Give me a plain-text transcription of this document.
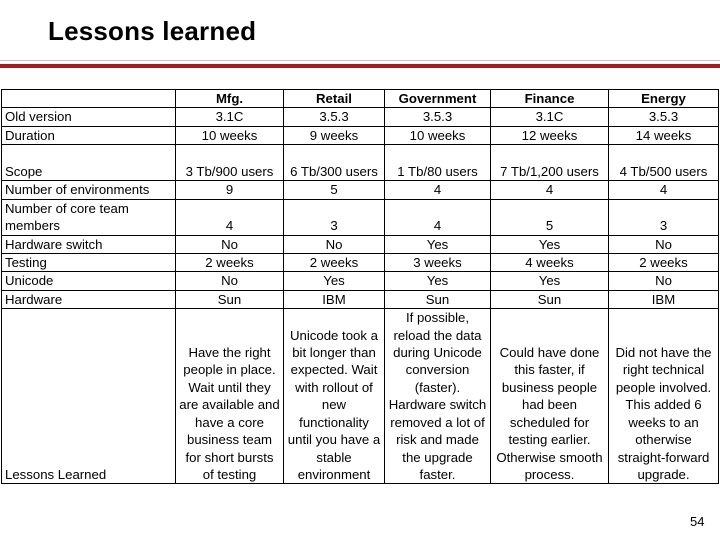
Lessons learned
	Mfg.	Retail	Government	Finance	Energy
Old version	3.1C	3.5.3	3.5.3	3.1C	3.5.3
Duration	10 weeks	9 weeks	10 weeks	12 weeks	14 weeks
Scope	3 Tb/900 users	6 Tb/300 users	1 Tb/80 users	7 Tb/1,200 users	4 Tb/500 users
Number of environments	9	5	4	4	4
Number of core team members	4	3	4	5	3
Hardware switch	No	No	Yes	Yes	No
Testing	2 weeks	2 weeks	3 weeks	4 weeks	2 weeks
Unicode	No	Yes	Yes	Yes	No
Hardware	Sun	IBM	Sun	Sun	IBM
Lessons Learned	Have the right people in place. Wait until they are available and have a core business team for short bursts of testing	Unicode took a bit longer than expected. Wait with rollout of new functionality until you have a stable environment	If possible, reload the data during Unicode conversion (faster). Hardware switch removed a lot of risk and made the upgrade faster.	Could have done this faster, if business people had been scheduled for testing earlier. Otherwise smooth process.	Did not have the right technical people involved. This added 6 weeks to an otherwise straight-forward upgrade.
54
